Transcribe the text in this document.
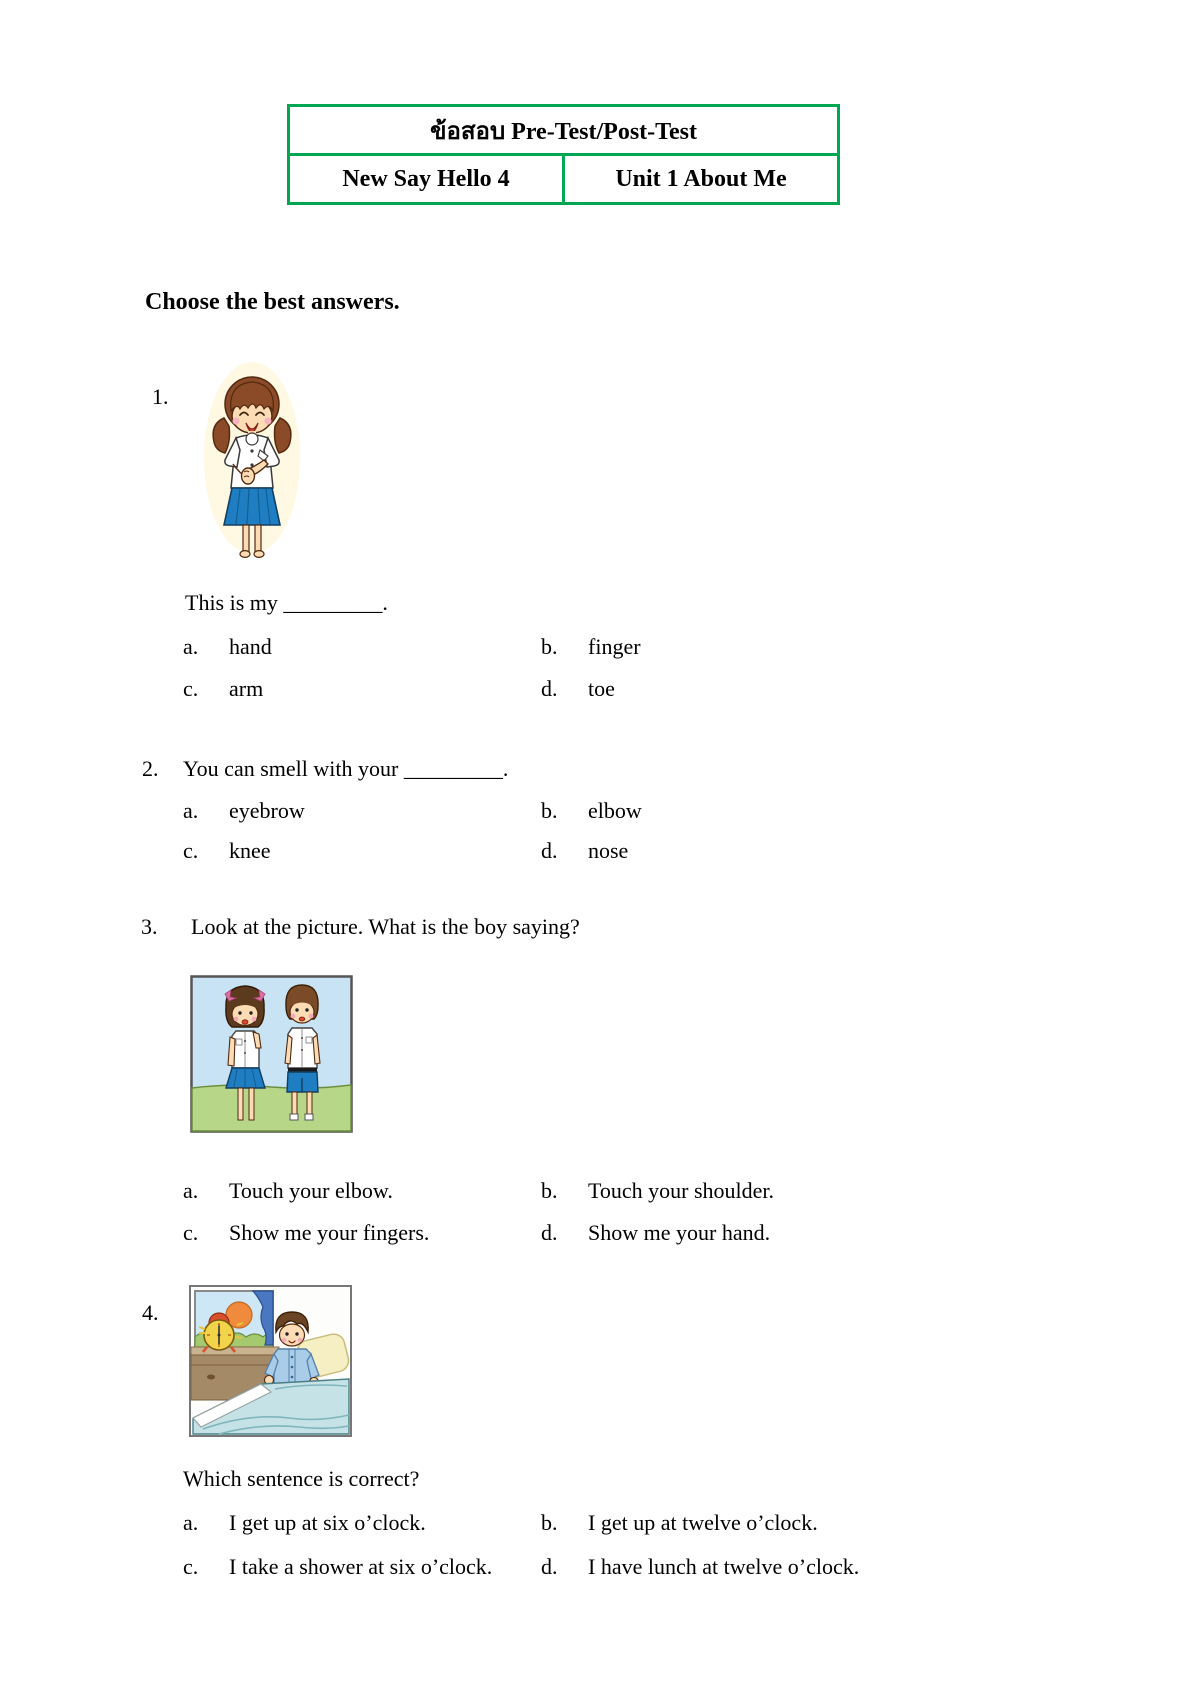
ข้อสอบ Pre-Test/Post-Test
New Say Hello 4	Unit 1 About Me
Choose the best answers.
1.
This is my _________.
a. hand	b. finger
c. arm	d. toe
2. You can smell with your _________.
a. eyebrow	b. elbow
c. knee	d. nose
3. Look at the picture. What is the boy saying?
a. Touch your elbow.	b. Touch your shoulder.
c. Show me your fingers.	d. Show me your hand.
4.
Which sentence is correct?
a. I get up at six o’clock.	b. I get up at twelve o’clock.
c. I take a shower at six o’clock. d. I have lunch at twelve o’clock.
